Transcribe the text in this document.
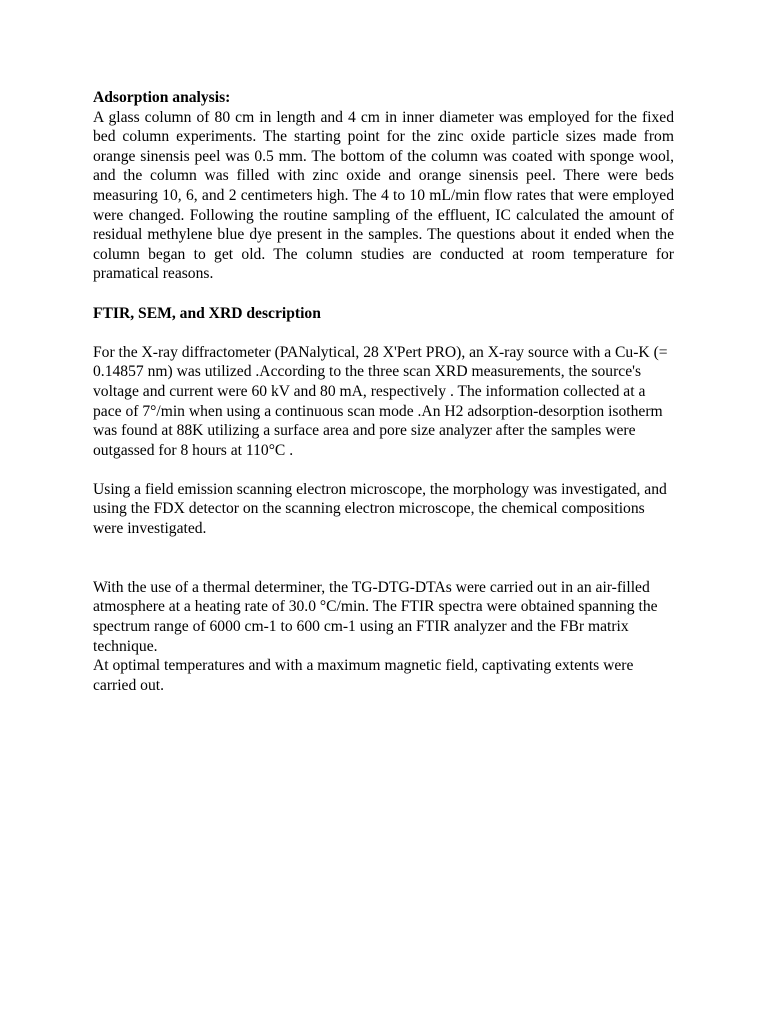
Adsorption analysis:

A glass column of 80 cm in length and 4 cm in inner diameter was employed for the fixed bed column experiments. The starting point for the zinc oxide particle sizes made from orange sinensis peel was 0.5 mm. The bottom of the column was coated with sponge wool, and the column was filled with zinc oxide and orange sinensis peel. There were beds measuring 10, 6, and 2 centimeters high. The 4 to 10 mL/min flow rates that were employed were changed. Following the routine sampling of the effluent, IC calculated the amount of residual methylene blue dye present in the samples. The questions about it ended when the column began to get old. The column studies are conducted at room temperature for pramatical reasons.

FTIR, SEM, and XRD description

For the X-ray diffractometer (PANalytical, 28 X'Pert PRO), an X-ray source with a Cu-K (= 0.14857 nm) was utilized .According to the three scan XRD measurements, the source's voltage and current were 60 kV and 80 mA, respectively . The information collected at a pace of 7°/min when using a continuous scan mode .An H2 adsorption-desorption isotherm was found at 88K utilizing a surface area and pore size analyzer after the samples were outgassed for 8 hours at 110°C .

Using a field emission scanning electron microscope, the morphology was investigated, and using the FDX detector on the scanning electron microscope, the chemical compositions were investigated.

With the use of a thermal determiner, the TG-DTG-DTAs were carried out in an air-filled atmosphere at a heating rate of 30.0 °C/min. The FTIR spectra were obtained spanning the spectrum range of 6000 cm-1 to 600 cm-1 using an FTIR analyzer and the FBr matrix technique.

At optimal temperatures and with a maximum magnetic field, captivating extents were carried out.
